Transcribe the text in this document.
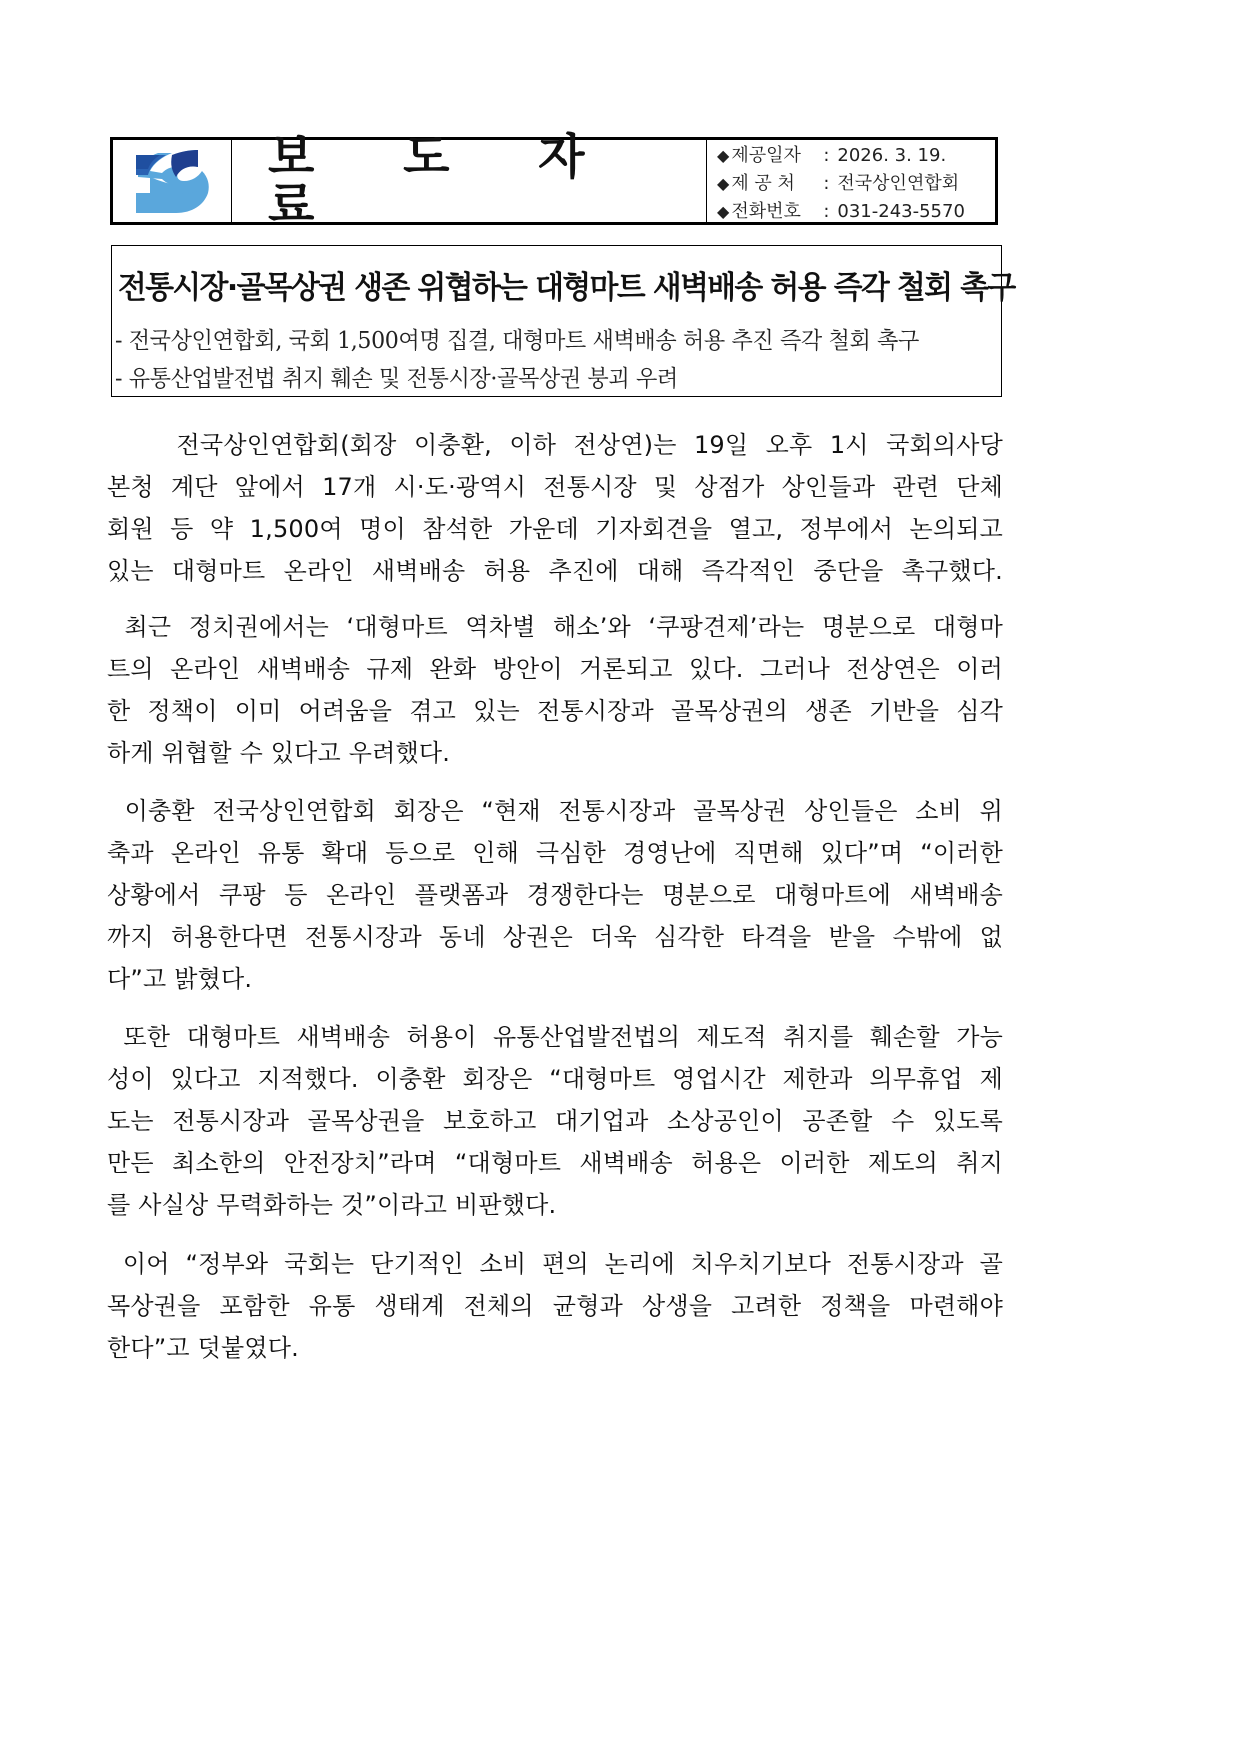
보 도 자 료
◆ 제공일자 : 2026. 3. 19.
◆ 제 공 처 : 전국상인연합회
◆ 전화번호 : 031-243-5570
전통시장·골목상권 생존 위협하는 대형마트 새벽배송 허용 즉각 철회 촉구
- 전국상인연합회, 국회 1,500여명 집결, 대형마트 새벽배송 허용 추진 즉각 철회 촉구
- 유통산업발전법 취지 훼손 및 전통시장·골목상권 붕괴 우려
전국상인연합회(회장 이충환, 이하 전상연)는 19일 오후 1시 국회의사당
본청 계단 앞에서 17개 시·도·광역시 전통시장 및 상점가 상인들과 관련 단체
회원 등 약 1,500여 명이 참석한 가운데 기자회견을 열고, 정부에서 논의되고
있는 대형마트 온라인 새벽배송 허용 추진에 대해 즉각적인 중단을 촉구했다.
최근 정치권에서는 ‘대형마트 역차별 해소’와 ‘쿠팡견제’라는 명분으로 대형마
트의 온라인 새벽배송 규제 완화 방안이 거론되고 있다. 그러나 전상연은 이러
한 정책이 이미 어려움을 겪고 있는 전통시장과 골목상권의 생존 기반을 심각
하게 위협할 수 있다고 우려했다.
이충환 전국상인연합회 회장은 “현재 전통시장과 골목상권 상인들은 소비 위
축과 온라인 유통 확대 등으로 인해 극심한 경영난에 직면해 있다”며 “이러한
상황에서 쿠팡 등 온라인 플랫폼과 경쟁한다는 명분으로 대형마트에 새벽배송
까지 허용한다면 전통시장과 동네 상권은 더욱 심각한 타격을 받을 수밖에 없
다”고 밝혔다.
또한 대형마트 새벽배송 허용이 유통산업발전법의 제도적 취지를 훼손할 가능
성이 있다고 지적했다. 이충환 회장은 “대형마트 영업시간 제한과 의무휴업 제
도는 전통시장과 골목상권을 보호하고 대기업과 소상공인이 공존할 수 있도록
만든 최소한의 안전장치”라며 “대형마트 새벽배송 허용은 이러한 제도의 취지
를 사실상 무력화하는 것”이라고 비판했다.
이어 “정부와 국회는 단기적인 소비 편의 논리에 치우치기보다 전통시장과 골
목상권을 포함한 유통 생태계 전체의 균형과 상생을 고려한 정책을 마련해야
한다”고 덧붙였다.
